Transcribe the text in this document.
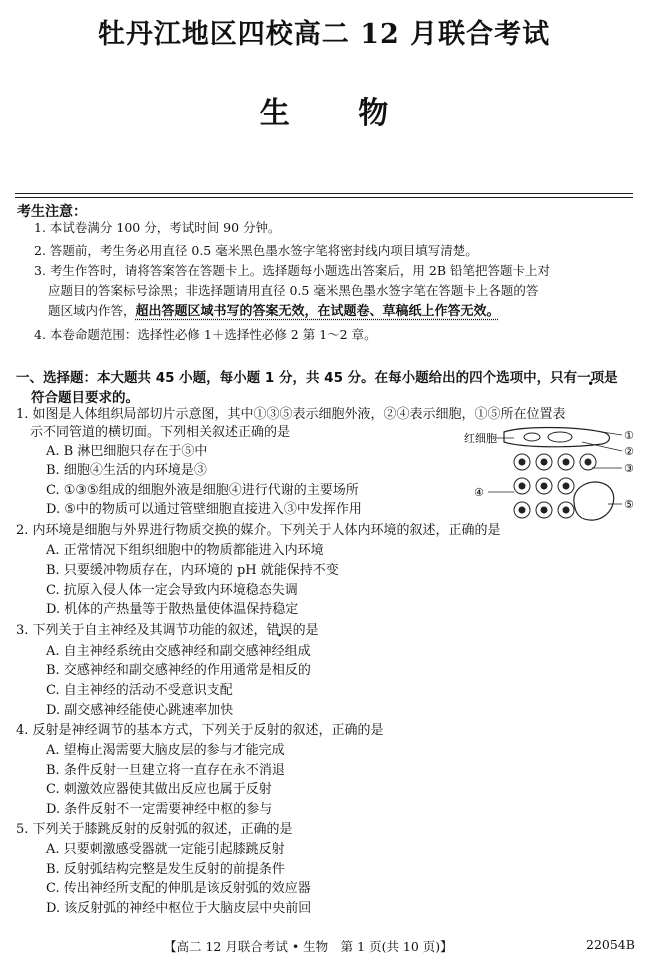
牡丹江地区四校高二 12 月联合考试
生 物
考生注意：
1. 本试卷满分 100 分，考试时间 90 分钟。
2. 答题前，考生务必用直径 0.5 毫米黑色墨水签字笔将密封线内项目填写清楚。
3. 考生作答时，请将答案答在答题卡上。选择题每小题选出答案后，用 2B 铅笔把答题卡上对
应题目的答案标号涂黑；非选择题请用直径 0.5 毫米黑色墨水签字笔在答题卡上各题的答
题区域内作答，超出答题区域书写的答案无效，在试题卷、草稿纸上作答无效。
4. 本卷命题范围：选择性必修 1＋选择性必修 2 第 1～2 章。
一、选择题：本大题共 45 小题，每小题 1 分，共 45 分。在每小题给出的四个选项中，只有一项是
符合题目要求的。
1. 如图是人体组织局部切片示意图，其中①③⑤表示细胞外液，②④表示细胞，①⑤所在位置表
示不同管道的横切面。下列相关叙述正确的是
A. B 淋巴细胞只存在于⑤中
B. 细胞④生活的内环境是③
C. ①③⑤组成的细胞外液是细胞④进行代谢的主要场所
D. ⑤中的物质可以通过管壁细胞直接进入③中发挥作用
红细胞	①
②
③
④
⑤
2. 内环境是细胞与外界进行物质交换的媒介。下列关于人体内环境的叙述，正确的是
A. 正常情况下组织细胞中的物质都能进入内环境
B. 只要缓冲物质存在，内环境的 pH 就能保持不变
C. 抗原入侵人体一定会导致内环境稳态失调
D. 机体的产热量等于散热量使体温保持稳定
3. 下列关于自主神经及其调节功能的叙述，错误的是
A. 自主神经系统由交感神经和副交感神经组成
B. 交感神经和副交感神经的作用通常是相反的
C. 自主神经的活动不受意识支配
D. 副交感神经能使心跳速率加快
4. 反射是神经调节的基本方式，下列关于反射的叙述，正确的是
A. 望梅止渴需要大脑皮层的参与才能完成
B. 条件反射一旦建立将一直存在永不消退
C. 刺激效应器使其做出反应也属于反射
D. 条件反射不一定需要神经中枢的参与
5. 下列关于膝跳反射的反射弧的叙述，正确的是
A. 只要刺激感受器就一定能引起膝跳反射
B. 反射弧结构完整是发生反射的前提条件
C. 传出神经所支配的伸肌是该反射弧的效应器
D. 该反射弧的神经中枢位于大脑皮层中央前回
【高二 12 月联合考试 • 生物　第 1 页(共 10 页)】	22054B
